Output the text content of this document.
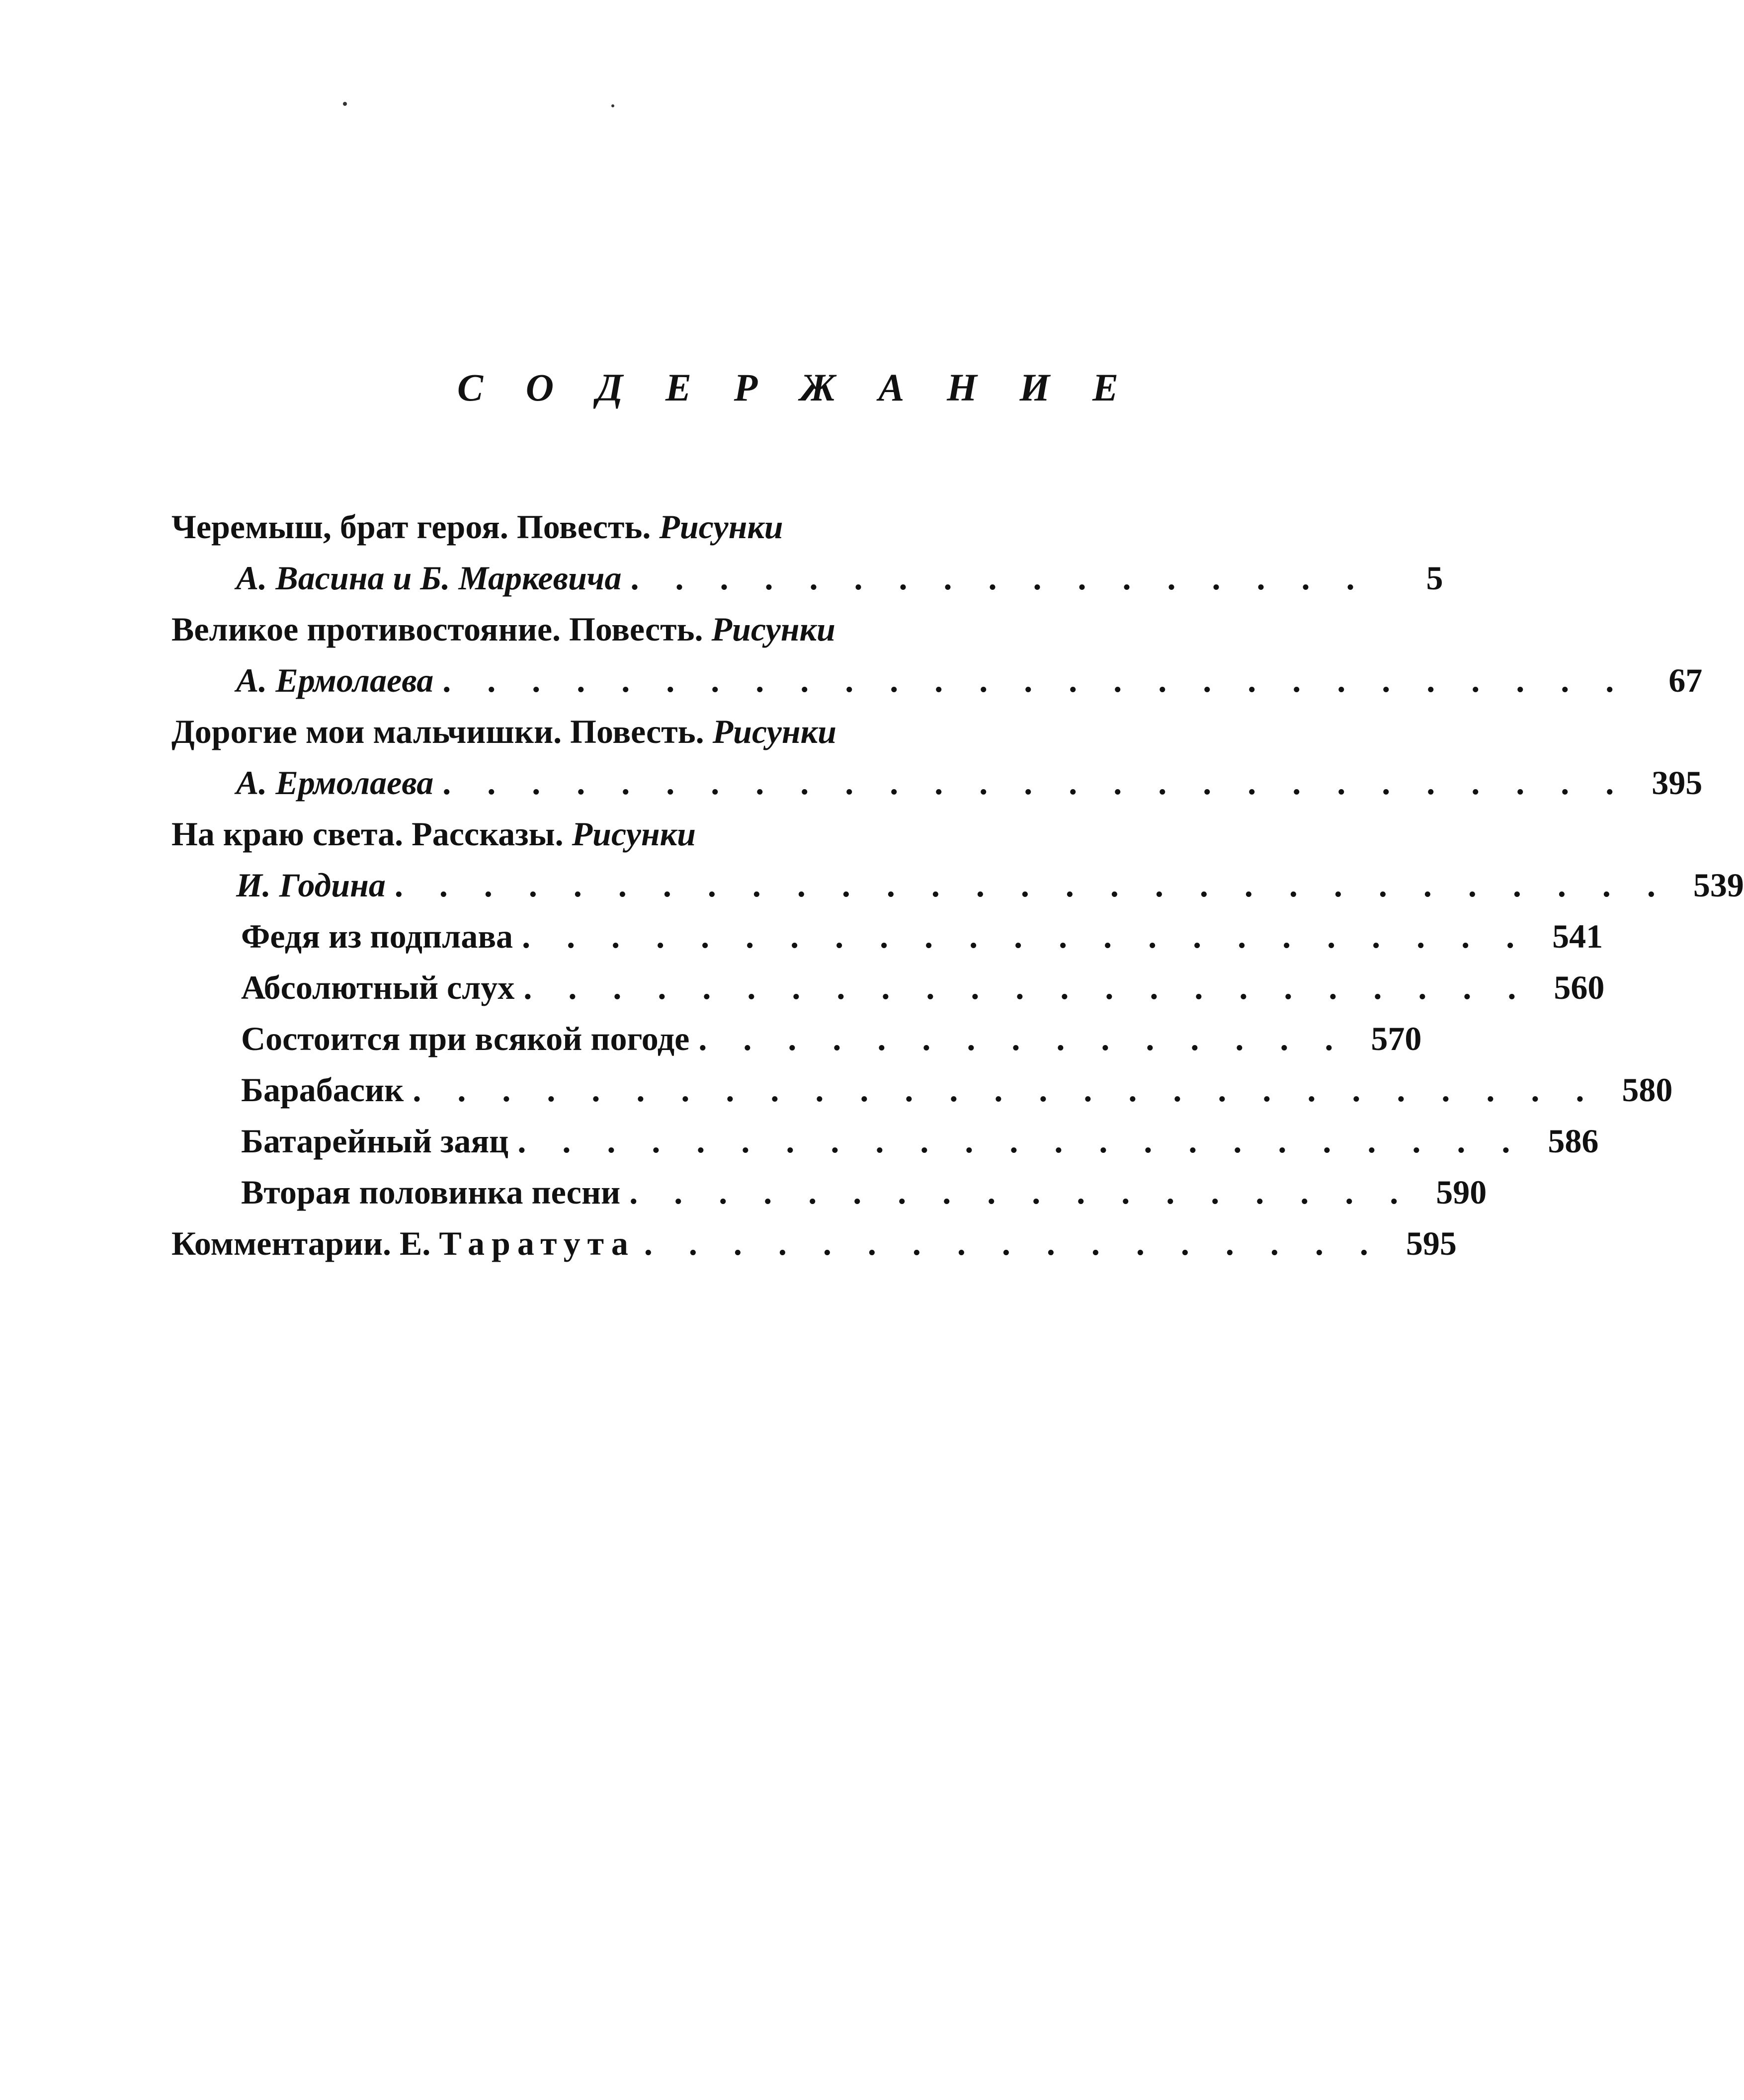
С О Д Е Р Ж А Н И Е
Черемыш, брат героя. Повесть.
Рисунки
А. Васина и Б. Маркевича . . . . . . . . . . . . . . . . .	5
Великое противостояние. Повесть.
Рисунки
А. Ермолаева . . . . . . . . . . . . . . . . . . . . . . . . . . .	67
Дорогие мои мальчишки. Повесть.
Рисунки
А. Ермолаева . . . . . . . . . . . . . . . . . . . . . . . . . . . 395
На краю света. Рассказы.
Рисунки
И. Година . . . . . . . . . . . . . . . . . . . . . . . . . . . . . 539
Федя из подплава . . . . . . . . . . . . . . . . . . . . . . . 541
Абсолютный слух . . . . . . . . . . . . . . . . . . . . . . . 560
Состоится при всякой погоде . . . . . . . . . . . . . . . 570
Барабасик . . . . . . . . . . . . . . . . . . . . . . . . . . . 580
Батарейный заяц . . . . . . . . . . . . . . . . . . . . . . . 586
Вторая половинка песни . . . . . . . . . . . . . . . . . . 590
Комментарии. Е.
Таратута . . . . . . . . . . . . . . . . . 595
